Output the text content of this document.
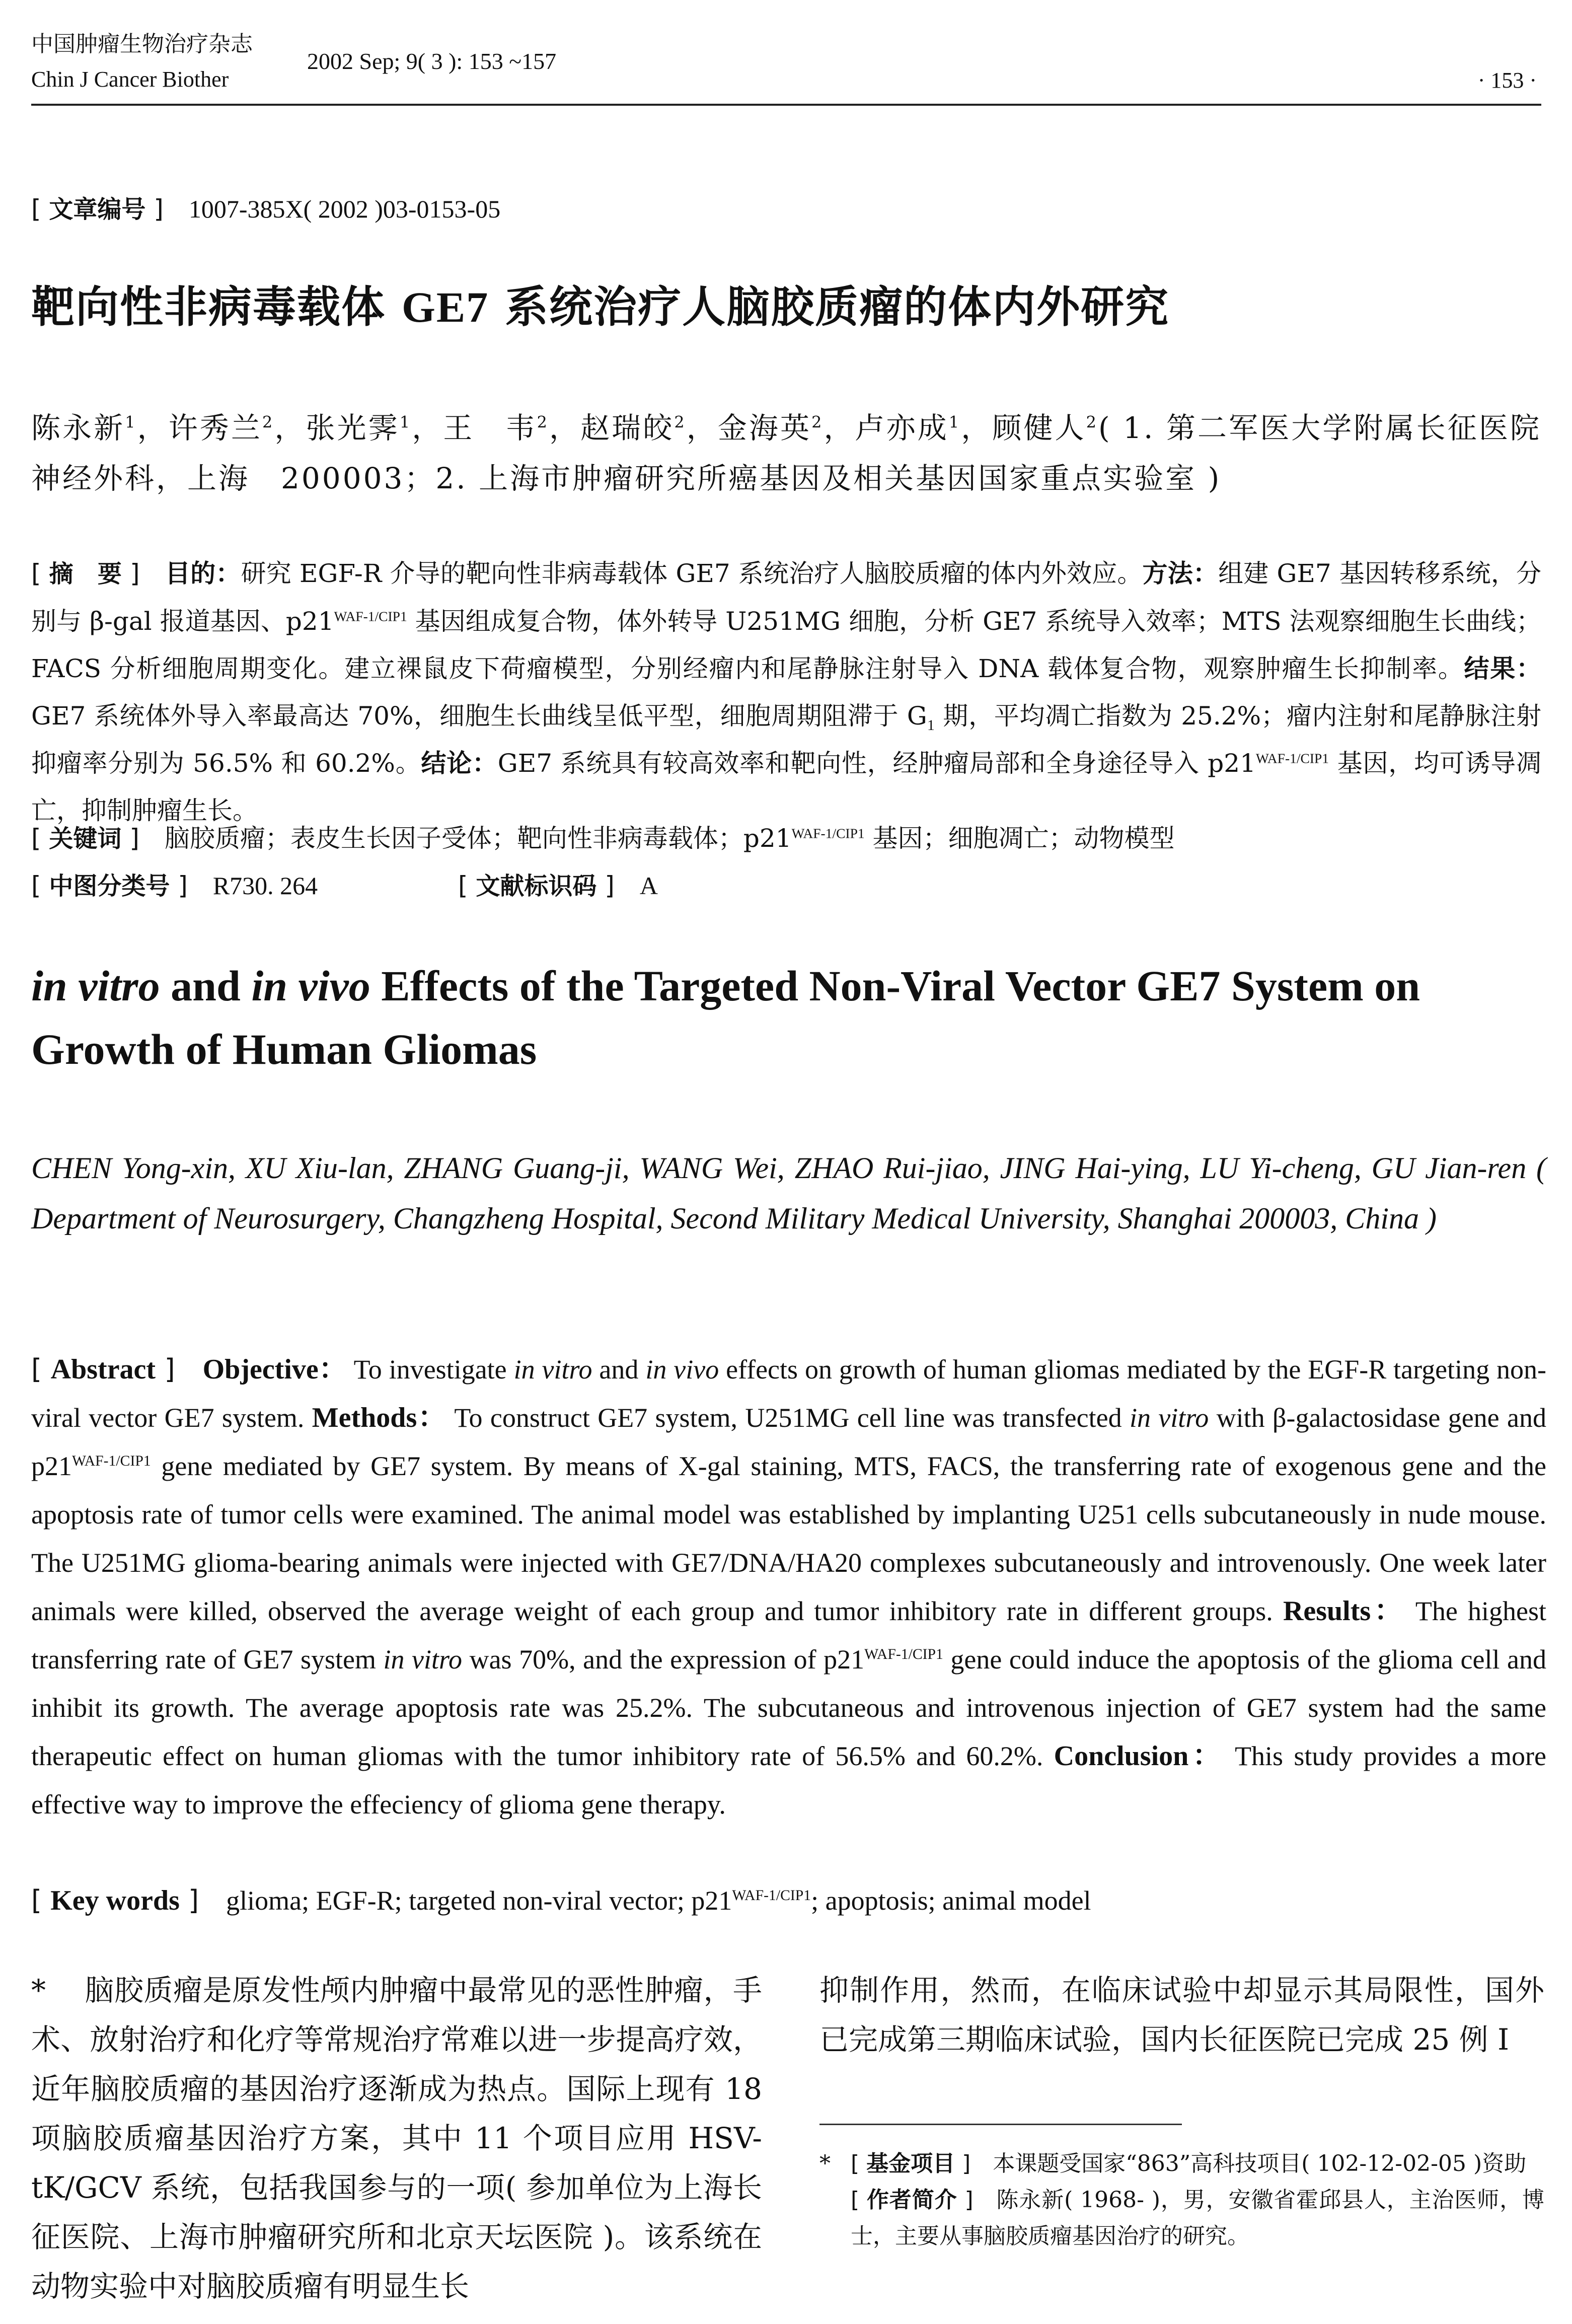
中国肿瘤生物治疗杂志
Chin J Cancer Biother
2002 Sep; 9( 3 ): 153 ~157
· 153 ·
[ 文章编号 ]　 1007-385X( 2002 )03-0153-05
靶向性非病毒载体 GE7 系统治疗人脑胶质瘤的体内外研究
陈永新$^1$，许秀兰$^2$，张光霁$^1$，王　韦$^2$，赵瑞皎$^2$，金海英$^2$，卢亦成$^1$，顾健人$^2$( 1. 第二军医大学附属长征医院神经外科，上海　200003；2. 上海市肿瘤研究所癌基因及相关基因国家重点实验室 )
[ 摘　要 ]　 目的：研究 EGF-R 介导的靶向性非病毒载体 GE7 系统治疗人脑胶质瘤的体内外效应。方法：组建 GE7 基因转移系统，分别与 β-gal 报道基因、$p21^{WAF-1/CIP1}$ 基因组成复合物，体外转导 U251MG 细胞，分析 GE7 系统导入效率；MTS 法观察细胞生长曲线；FACS 分析细胞周期变化。建立裸鼠皮下荷瘤模型，分别经瘤内和尾静脉注射导入 DNA 载体复合物，观察肿瘤生长抑制率。结果：GE7 系统体外导入率最高达 70%，细胞生长曲线呈低平型，细胞周期阻滞于 $G_1$ 期，平均凋亡指数为 25.2%；瘤内注射和尾静脉注射抑瘤率分别为 56.5% 和 60.2%。结论：GE7 系统具有较高效率和靶向性，经肿瘤局部和全身途径导入 $p21^{WAF-1/CIP1}$ 基因，均可诱导凋亡，抑制肿瘤生长。
[ 关键词 ]　 脑胶质瘤；表皮生长因子受体；靶向性非病毒载体；$p21^{WAF-1/CIP1}$ 基因；细胞凋亡；动物模型
[ 中图分类号 ]　 R730. 264	[ 文献标识码 ]　 A
in vitro and in vivo Effects of the Targeted Non-Viral Vector GE7 System on Growth of Human Gliomas
CHEN Yong-xin, XU Xiu-lan, ZHANG Guang-ji, WANG Wei, ZHAO Rui-jiao, JING Hai-ying, LU Yi-cheng, GU Jian-ren ( Department of Neurosurgery, Changzheng Hospital, Second Military Medical University, Shanghai 200003, China )
[ Abstract ]　 Objective： To investigate in vitro and in vivo effects on growth of human gliomas mediated by the EGF-R targeting non-viral vector GE7 system. Methods： To construct GE7 system, U251MG cell line was transfected in vitro with β-galactosidase gene and $p21^{WAF-1/CIP1}$ gene mediated by GE7 system. By means of X-gal staining, MTS, FACS, the transferring rate of exogenous gene and the apoptosis rate of tumor cells were examined. The animal model was established by implanting U251 cells subcutaneously in nude mouse. The U251MG glioma-bearing animals were injected with GE7/DNA/HA20 complexes subcutaneously and introvenously. One week later animals were killed, observed the average weight of each group and tumor inhibitory rate in different groups. Results： The highest transferring rate of GE7 system in vitro was 70%, and the expression of $p21^{WAF-1/CIP1}$ gene could induce the apoptosis of the glioma cell and inhibit its growth. The average apoptosis rate was 25.2%. The subcutaneous and introvenous injection of GE7 system had the same therapeutic effect on human gliomas with the tumor inhibitory rate of 56.5% and 60.2%. Conclusion： This study provides a more effective way to improve the effeciency of glioma gene therapy.
[ Key words ]　 glioma; EGF-R; targeted non-viral vector; $p21^{WAF-1/CIP1}$; apoptosis; animal model
* 　脑胶质瘤是原发性颅内肿瘤中最常见的恶性肿瘤，手术、放射治疗和化疗等常规治疗常难以进一步提高疗效，近年脑胶质瘤的基因治疗逐渐成为热点。国际上现有 18 项脑胶质瘤基因治疗方案，其中 11 个项目应用 HSV-tK/GCV 系统，包括我国参与的一项( 参加单位为上海长征医院、上海市肿瘤研究所和北京天坛医院 )。该系统在动物实验中对脑胶质瘤有明显生长
抑制作用，然而，在临床试验中却显示其局限性，国外已完成第三期临床试验，国内长征医院已完成 25 例 Ⅰ
* [ 基金项目 ]　 本课题受国家“863”高科技项目( 102-12-02-05 )资助
[ 作者简介 ]　 陈永新( 1968- )，男，安徽省霍邱县人，主治医师，博士，主要从事脑胶质瘤基因治疗的研究。
